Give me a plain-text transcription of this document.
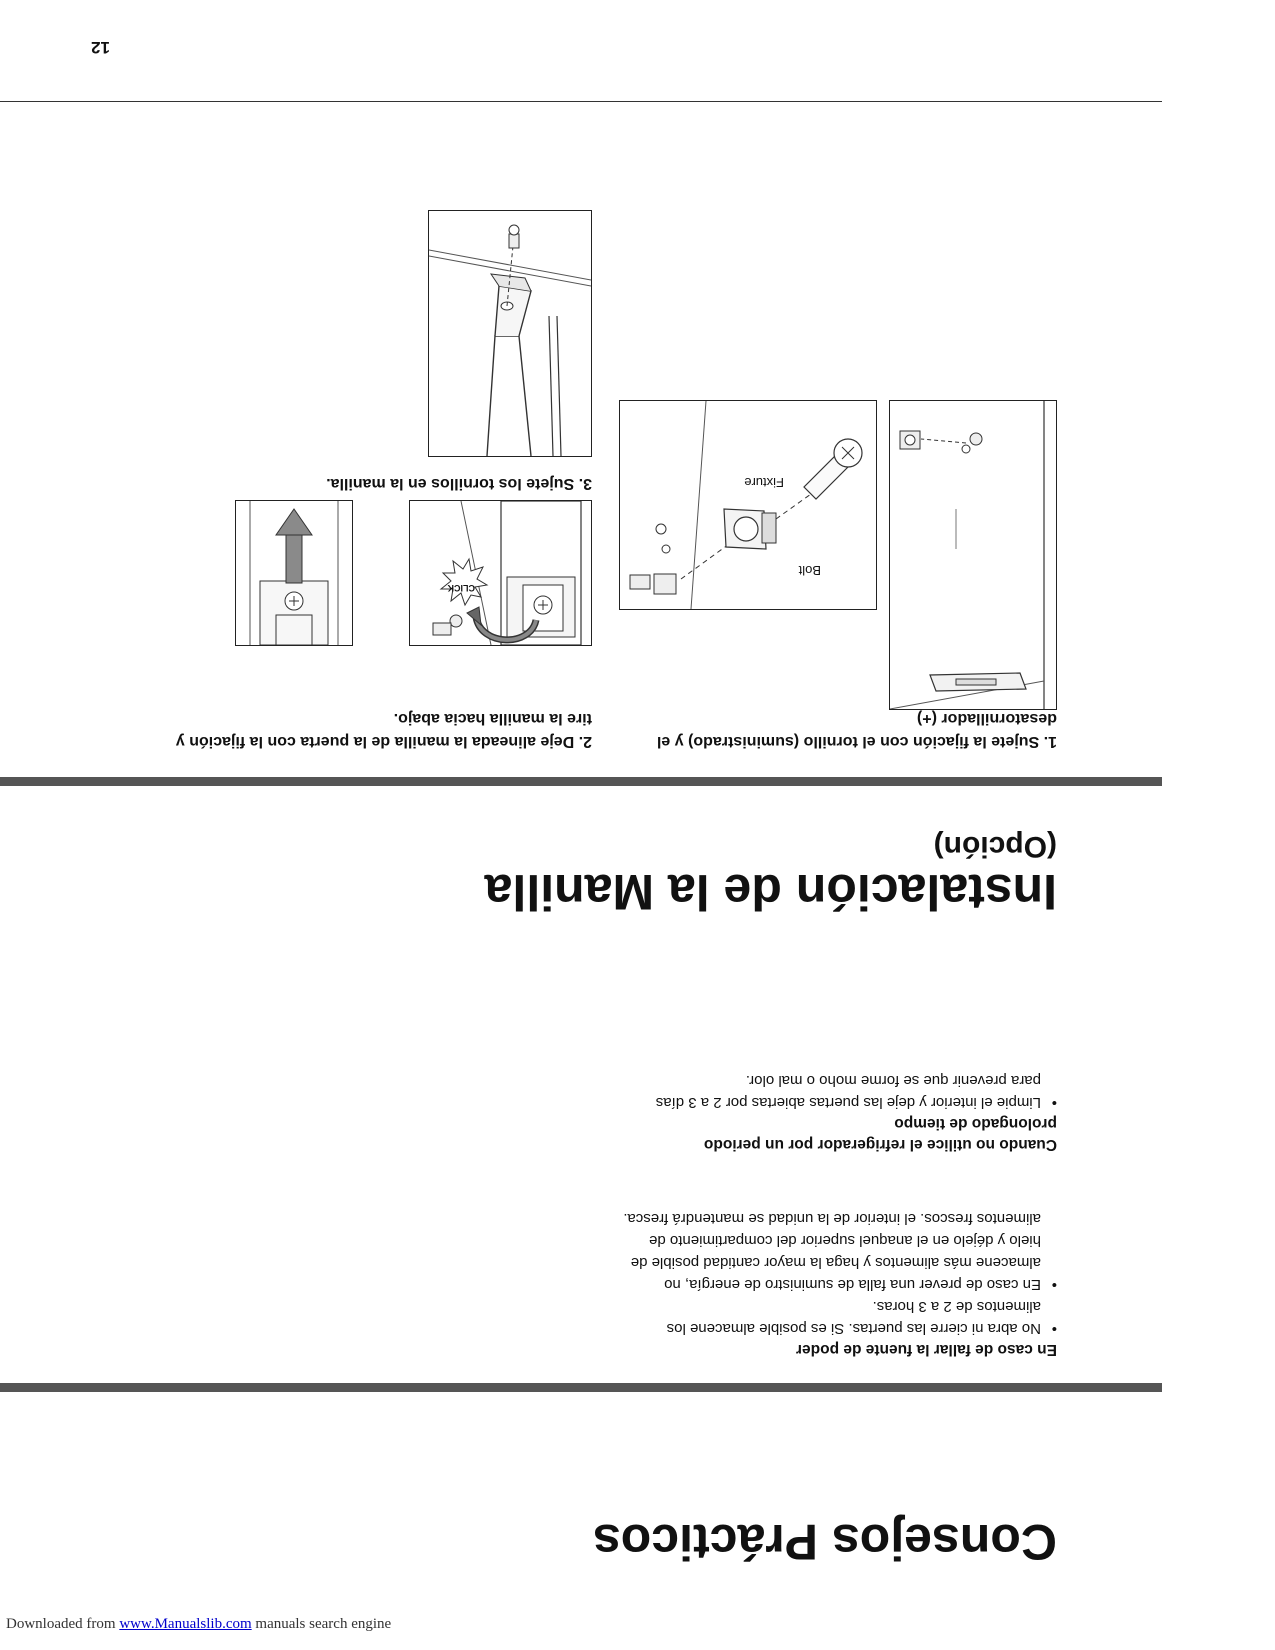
Consejos Prácticos
En caso de fallar la fuente de poder
• No abra ni cierre las puertas. Si es posible almacene los alimentos de 2 a 3 horas.
• En caso de prever una falla de suministro de energía, no almacene más alimentos y haga la mayor cantidad posible de hielo y déjelo en el anaquel superior del compartimiento de alimentos frescos. el interior de la unidad se mantendrá fresca.
Cuando no utilice el refrigerador por un periodo prolongado de tiempo
• Limpie el interior y deje las puertas abiertas por 2 a 3 días para prevenir que se forme moho o mal olor.
Instalación de la Manilla
(Opción)
1. Sujete la fijación con el tornillo (suministrado) y el desatornillador (+)
2. Deje alineada la manilla de la puerta con la fijación y tire la manilla hacia abajo.
Fixture
Bolt
CLICK
3. Sujete los tornillos en la manilla.
12
Downloaded from www.Manualslib.com manuals search engine
